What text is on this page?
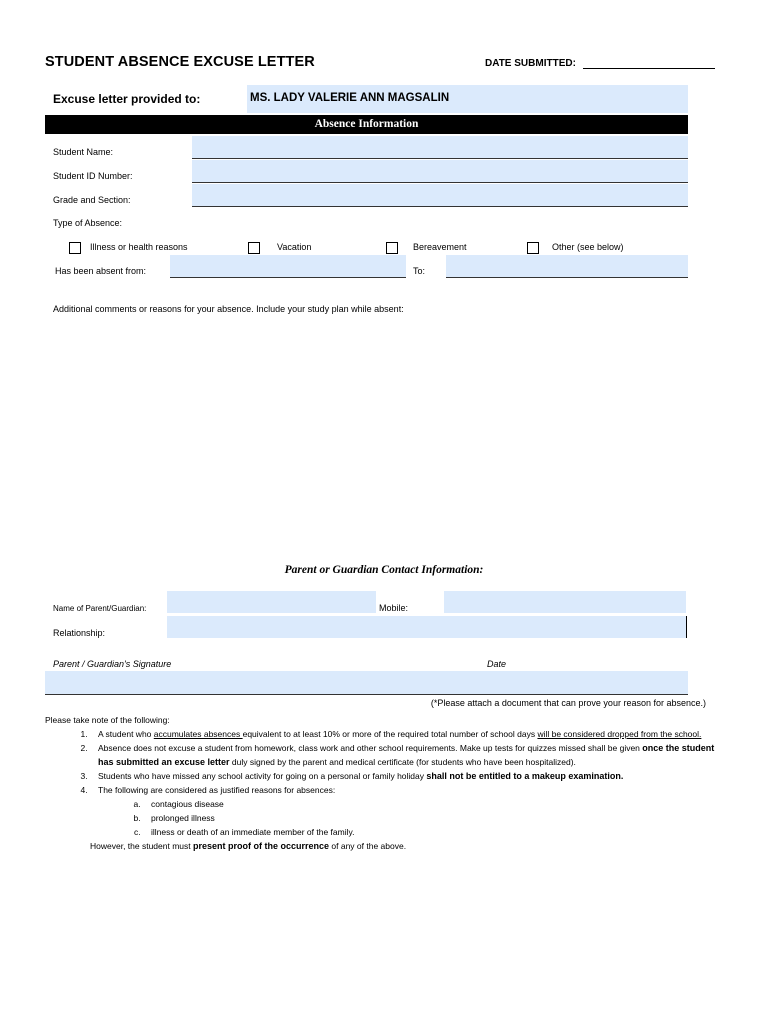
STUDENT ABSENCE EXCUSE LETTER	DATE SUBMITTED:
Excuse letter provided to:	MS. LADY VALERIE ANN MAGSALIN
Absence Information
Student Name:
Student ID Number:
Grade and Section:
Type of Absence:
Illness or health reasons	Vacation	Bereavement	Other (see below)
Has been absent from:	To:
Additional comments or reasons for your absence. Include your study plan while absent:
Parent or Guardian Contact Information:
Name of Parent/Guardian:	Mobile:
Relationship:
Parent / Guardian's Signature	Date
(*Please attach a document that can prove your reason for absence.)
Please take note of the following:
1. A student who accumulates absences equivalent to at least 10% or more of the required total number of school days will be considered dropped from the school.
2. Absence does not excuse a student from homework, class work and other school requirements. Make up tests for quizzes missed shall be given once the student has submitted an excuse letter duly signed by the parent and medical certificate (for students who have been hospitalized).
3. Students who have missed any school activity for going on a personal or family holiday shall not be entitled to a makeup examination.
4. The following are considered as justified reasons for absences:
a. contagious disease
b. prolonged illness
c. illness or death of an immediate member of the family.
However, the student must present proof of the occurrence of any of the above.
